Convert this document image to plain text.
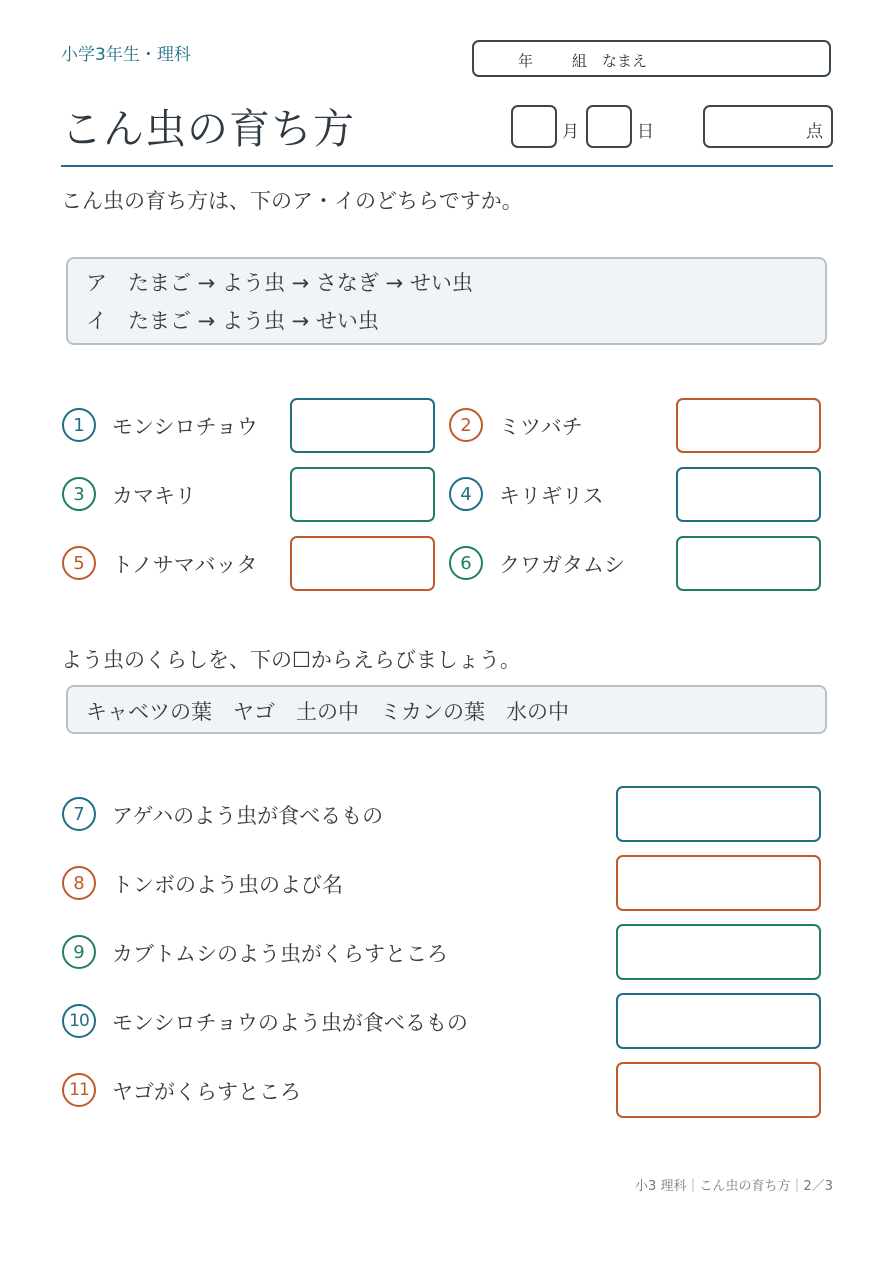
小学3年生・理科	年	組 なまえ
こん虫の育ち方	月	日	点
こん虫の育ち方は、下のア・イのどちらですか。
ア　たまご → よう虫 → さなぎ → せい虫
イ　たまご → よう虫 → せい虫
1	モンシロチョウ	2	ミツバチ
3	カマキリ	4	キリギリス
5	トノサマバッタ	6	クワガタムシ
よう虫のくらしを、下の☐からえらびましょう。
キャベツの葉　ヤゴ　土の中　ミカンの葉　水の中
7	アゲハのよう虫が食べるもの
8	トンボのよう虫のよび名
9	カブトムシのよう虫がくらすところ
10	モンシロチョウのよう虫が食べるもの
11	ヤゴがくらすところ
小3 理科｜こん虫の育ち方｜2／3
